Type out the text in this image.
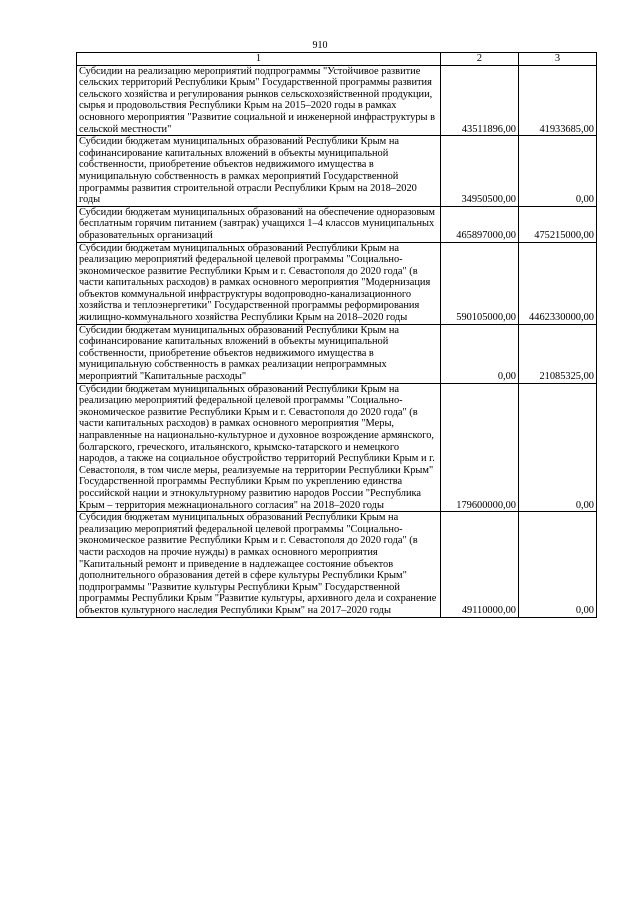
910
1	2	3
Субсидии на реализацию мероприятий подпрограммы "Устойчивое развитие сельских территорий Республики Крым" Государственной программы развития сельского хозяйства и регулирования рынков сельскохозяйственной продукции, сырья и продовольствия Республики Крым на 2015–2020 годы в рамках основного мероприятия "Развитие социальной и инженерной инфраструктуры в сельской местности"	43511896,00	41933685,00
Субсидии бюджетам муниципальных образований Республики Крым на софинансирование капитальных вложений в объекты муниципальной собственности, приобретение объектов недвижимого имущества в муниципальную собственность в рамках мероприятий Государственной программы развития строительной отрасли Республики Крым на 2018–2020 годы	34950500,00	0,00
Субсидии бюджетам муниципальных образований на обеспечение одноразовым бесплатным горячим питанием (завтрак) учащихся 1–4 классов муниципальных образовательных организаций	465897000,00	475215000,00
Субсидии бюджетам муниципальных образований Республики Крым на реализацию мероприятий федеральной целевой программы "Социально-экономическое развитие Республики Крым и г. Севастополя до 2020 года" (в части капитальных расходов) в рамках основного мероприятия "Модернизация объектов коммунальной инфраструктуры водопроводно-канализационного хозяйства и теплоэнергетики" Государственной программы реформирования жилищно-коммунального хозяйства Республики Крым на 2018–2020 годы	590105000,00	4462330000,00
Субсидии бюджетам муниципальных образований Республики Крым на софинансирование капитальных вложений в объекты муниципальной собственности, приобретение объектов недвижимого имущества в муниципальную собственность в рамках реализации непрограммных мероприятий "Капитальные расходы"	0,00	21085325,00
Субсидии бюджетам муниципальных образований Республики Крым на реализацию мероприятий федеральной целевой программы "Социально-экономическое развитие Республики Крым и г. Севастополя до 2020 года" (в части капитальных расходов) в рамках основного мероприятия "Меры, направленные на национально-культурное и духовное возрождение армянского, болгарского, греческого, итальянского, крымско-татарского и немецкого народов, а также на социальное обустройство территорий Республики Крым и г. Севастополя, в том числе меры, реализуемые на территории Республики Крым" Государственной программы Республики Крым по укреплению единства российской нации и этнокультурному развитию народов России "Республика Крым – территория межнационального согласия" на 2018–2020 годы	179600000,00	0,00
Субсидия бюджетам муниципальных образований Республики Крым на реализацию мероприятий федеральной целевой программы "Социально-экономическое развитие Республики Крым и г. Севастополя до 2020 года" (в части расходов на прочие нужды) в рамках основного мероприятия "Капитальный ремонт и приведение в надлежащее состояние объектов дополнительного образования детей в сфере культуры Республики Крым" подпрограммы "Развитие культуры Республики Крым" Государственной программы Республики Крым "Развитие культуры, архивного дела и сохранение объектов культурного наследия Республики Крым" на 2017–2020 годы	49110000,00	0,00
